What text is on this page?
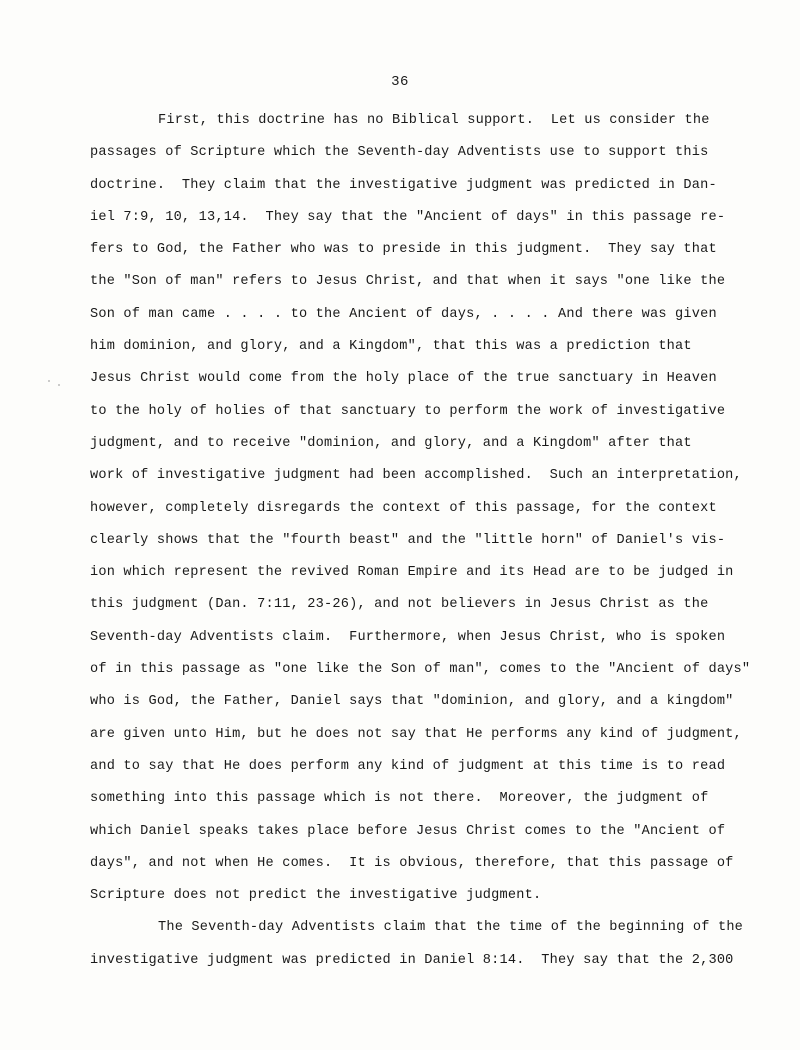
36
First, this doctrine has no Biblical support.  Let us consider the
passages of Scripture which the Seventh-day Adventists use to support this
doctrine.  They claim that the investigative judgment was predicted in Dan-
iel 7:9, 10, 13,14.  They say that the "Ancient of days" in this passage re-
fers to God, the Father who was to preside in this judgment.  They say that
the "Son of man" refers to Jesus Christ, and that when it says "one like the
Son of man came . . . . to the Ancient of days, . . . . And there was given
him dominion, and glory, and a Kingdom", that this was a prediction that
Jesus Christ would come from the holy place of the true sanctuary in Heaven
to the holy of holies of that sanctuary to perform the work of investigative
judgment, and to receive "dominion, and glory, and a Kingdom" after that
work of investigative judgment had been accomplished.  Such an interpretation,
however, completely disregards the context of this passage, for the context
clearly shows that the "fourth beast" and the "little horn" of Daniel's vis-
ion which represent the revived Roman Empire and its Head are to be judged in
this judgment (Dan. 7:11, 23-26), and not believers in Jesus Christ as the
Seventh-day Adventists claim.  Furthermore, when Jesus Christ, who is spoken
of in this passage as "one like the Son of man", comes to the "Ancient of days"
who is God, the Father, Daniel says that "dominion, and glory, and a kingdom"
are given unto Him, but he does not say that He performs any kind of judgment,
and to say that He does perform any kind of judgment at this time is to read
something into this passage which is not there.  Moreover, the judgment of
which Daniel speaks takes place before Jesus Christ comes to the "Ancient of
days", and not when He comes.  It is obvious, therefore, that this passage of
Scripture does not predict the investigative judgment.
The Seventh-day Adventists claim that the time of the beginning of the
investigative judgment was predicted in Daniel 8:14.  They say that the 2,300
